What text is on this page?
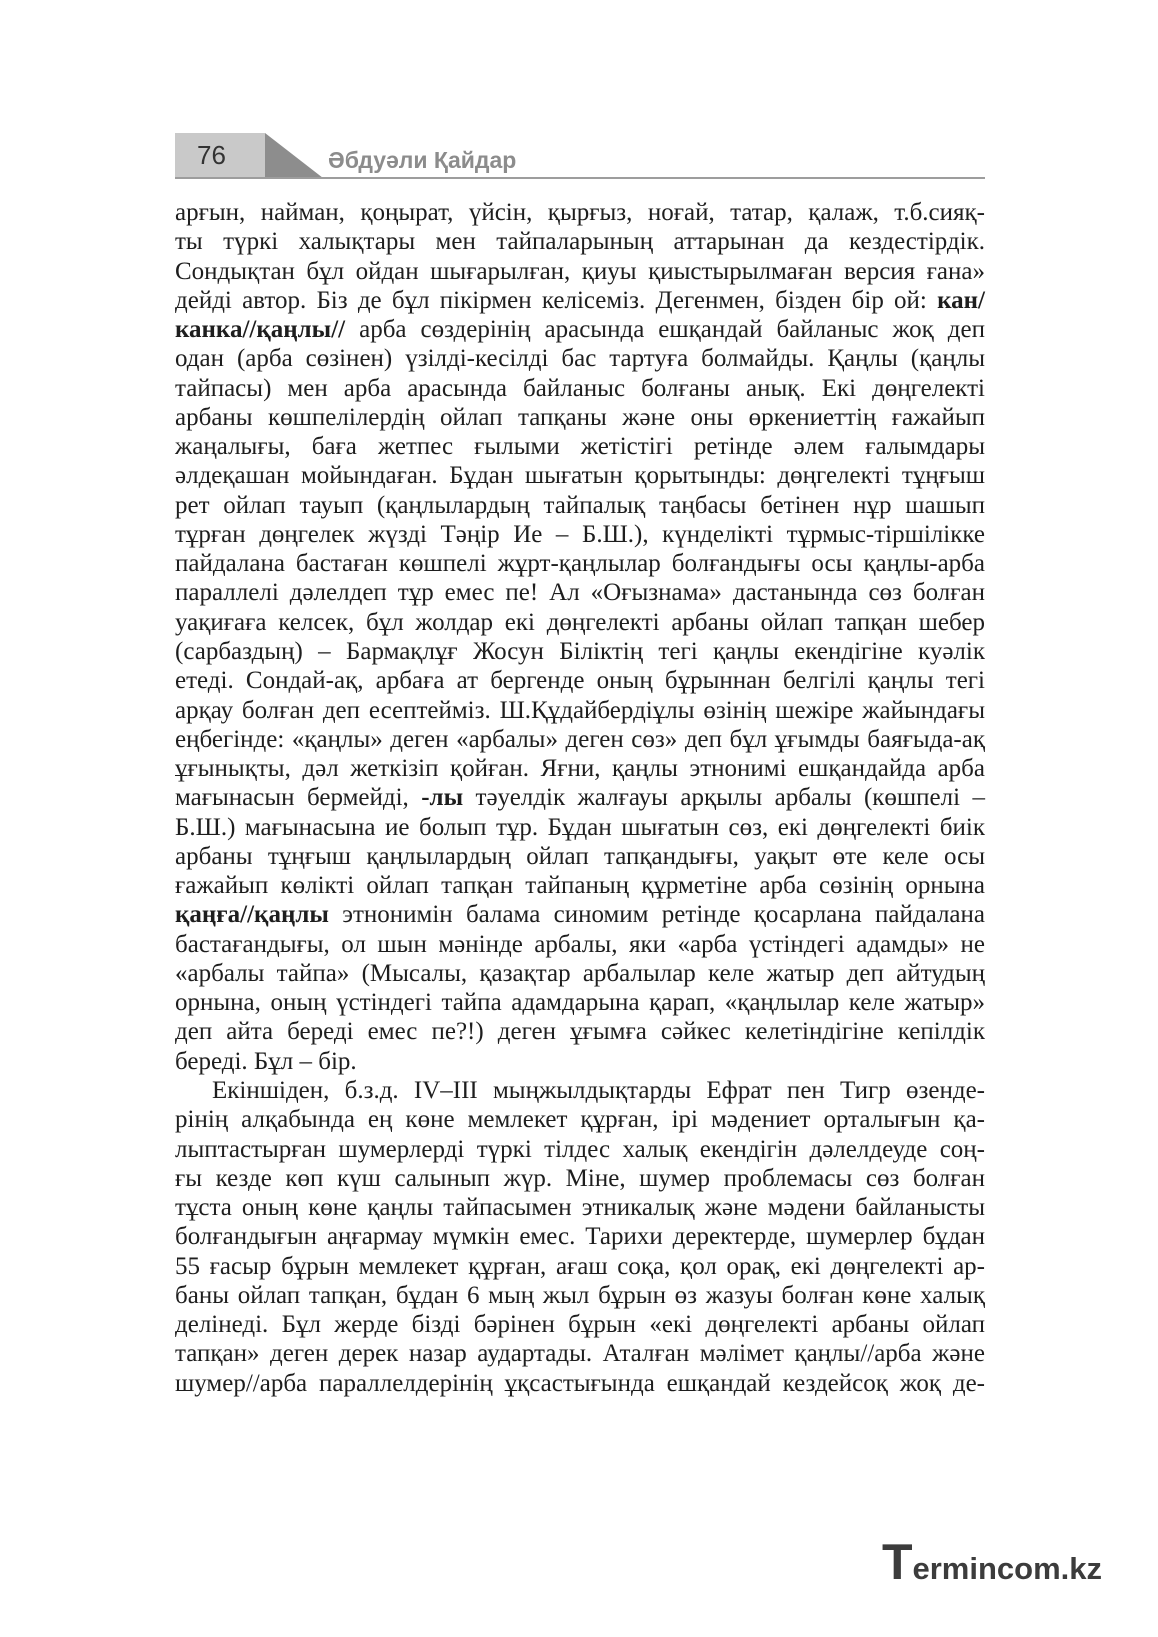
76	Әбдуәли Қайдар
арғын, найман, қоңырат, үйсін, қырғыз, ноғай, татар, қалаж, т.б.сияқ-
ты түркі халықтары мен тайпаларының аттарынан да кездестірдік.
Сондықтан бұл ойдан шығарылған, қиуы қиыстырылмаған версия ғана»
дейді автор. Біз де бұл пікірмен келісеміз. Дегенмен, бізден бір ой: кан/
канка//қаңлы// арба сөздерінің арасында ешқандай байланыс жоқ деп
одан (арба сөзінен) үзілді-кесілді бас тартуға болмайды. Қаңлы (қаңлы
тайпасы) мен арба арасында байланыс болғаны анық. Екі дөңгелекті
арбаны көшпелілердің ойлап тапқаны және оны өркениеттің ғажайып
жаңалығы, баға жетпес ғылыми жетістігі ретінде әлем ғалымдары
әлдеқашан мойындаған. Бұдан шығатын қорытынды: дөңгелекті тұңғыш
рет ойлап тауып (қаңлылардың тайпалық таңбасы бетінен нұр шашып
тұрған дөңгелек жүзді Тәңір Ие – Б.Ш.), күнделікті тұрмыс-тіршілікке
пайдалана бастаған көшпелі жұрт-қаңлылар болғандығы осы қаңлы-арба
параллелі дәлелдеп тұр емес пе! Ал «Оғызнама» дастанында сөз болған
уақиғаға келсек, бұл жолдар екі дөңгелекті арбаны ойлап тапқан шебер
(сарбаздың) – Бармақлұғ Жосун Біліктің тегі қаңлы екендігіне куәлік
етеді. Сондай-ақ, арбаға ат бергенде оның бұрыннан белгілі қаңлы тегі
арқау болған деп есептейміз. Ш.Құдайбердіұлы өзінің шежіре жайындағы
еңбегінде: «қаңлы» деген «арбалы» деген сөз» деп бұл ұғымды баяғыда-ақ
ұғынықты, дәл жеткізіп қойған. Яғни, қаңлы этнонимі ешқандайда арба
мағынасын бермейді, -лы тәуелдік жалғауы арқылы арбалы (көшпелі –
Б.Ш.) мағынасына ие болып тұр. Бұдан шығатын сөз, екі дөңгелекті биік
арбаны тұңғыш қаңлылардың ойлап тапқандығы, уақыт өте келе осы
ғажайып көлікті ойлап тапқан тайпаның құрметіне арба сөзінің орнына
қаңға//қаңлы этнонимін балама синомим ретінде қосарлана пайдалана
бастағандығы, ол шын мәнінде арбалы, яки «арба үстіндегі адамды» не
«арбалы тайпа» (Мысалы, қазақтар арбалылар келе жатыр деп айтудың
орнына, оның үстіндегі тайпа адамдарына қарап, «қаңлылар келе жатыр»
деп айта береді емес пе?!) деген ұғымға сәйкес келетіндігіне кепілдік
береді. Бұл – бір.
Екіншіден, б.з.д. IV–III мыңжылдықтарды Ефрат пен Тигр өзенде-
рінің алқабында ең көне мемлекет құрған, ірі мәдениет орталығын қа-
лыптастырған шумерлерді түркі тілдес халық екендігін дәлелдеуде соң-
ғы кезде көп күш салынып жүр. Міне, шумер проблемасы сөз болған
тұста оның көне қаңлы тайпасымен этникалық және мәдени байланысты
болғандығын аңғармау мүмкін емес. Тарихи деректерде, шумерлер бұдан
55 ғасыр бұрын мемлекет құрған, ағаш соқа, қол орақ, екі дөңгелекті ар-
баны ойлап тапқан, бұдан 6 мың жыл бұрын өз жазуы болған көне халық
делінеді. Бұл жерде бізді бәрінен бұрын «екі дөңгелекті арбаны ойлап
тапқан» деген дерек назар аудартады. Аталған мәлімет қаңлы//арба және
шумер//арба параллелдерінің ұқсастығында ешқандай кездейсоқ жоқ де-
Termincom.kz
